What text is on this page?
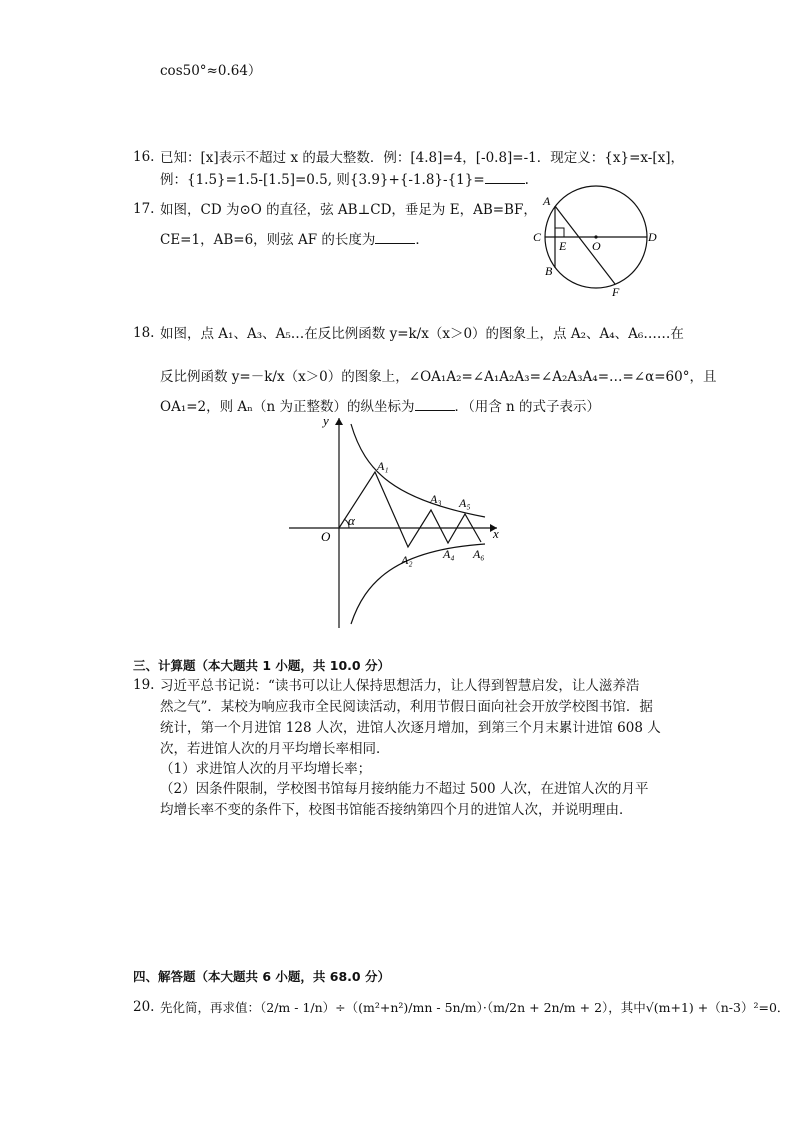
cos50°≈0.64）
16. 已知：[x]表示不超过 x 的最大整数．例：[4.8]=4，[-0.8]=-1．现定义：{x}=x-[x]，
例：{1.5}=1.5-[1.5]=0.5, 则{3.9}+{-1.8}-{1}=	.
17. 如图，CD 为⊙O 的直径，弦 AB⊥CD，垂足为 E，AB=BF，
CE=1，AB=6，则弦 AF 的长度为	．
A
B
C	D
E O
F
18. 如图，点 A₁、A₃、A₅…在反比例函数 y=k/x（x＞0）的图象上，点 A₂、A₄、A₆……在
反比例函数 y=－k/x（x＞0）的图象上，∠OA₁A₂=∠A₁A₂A₃=∠A₂A₃A₄=…=∠α=60°，且
OA₁=2，则 Aₙ（n 为正整数）的纵坐标为	．（用含 n 的式子表示）
y
x
O
α
A₁
A₂
A₃
A₄
A₅
A₆
三、计算题（本大题共 1 小题，共 10.0 分）
19. 习近平总书记说：“读书可以让人保持思想活力，让人得到智慧启发，让人滋养浩
然之气”．某校为响应我市全民阅读活动，利用节假日面向社会开放学校图书馆．据
统计，第一个月进馆 128 人次，进馆人次逐月增加，到第三个月末累计进馆 608 人
次，若进馆人次的月平均增长率相同．
（1）求进馆人次的月平均增长率；
（2）因条件限制，学校图书馆每月接纳能力不超过 500 人次，在进馆人次的月平
均增长率不变的条件下，校图书馆能否接纳第四个月的进馆人次，并说明理由．
四、解答题（本大题共 6 小题，共 68.0 分）
20. 先化简，再求值：（2/m - 1/n）÷（(m²+n²)/mn - 5n/m）·（m/2n + 2n/m + 2），其中√(m+1) +（n-3）²=0．
